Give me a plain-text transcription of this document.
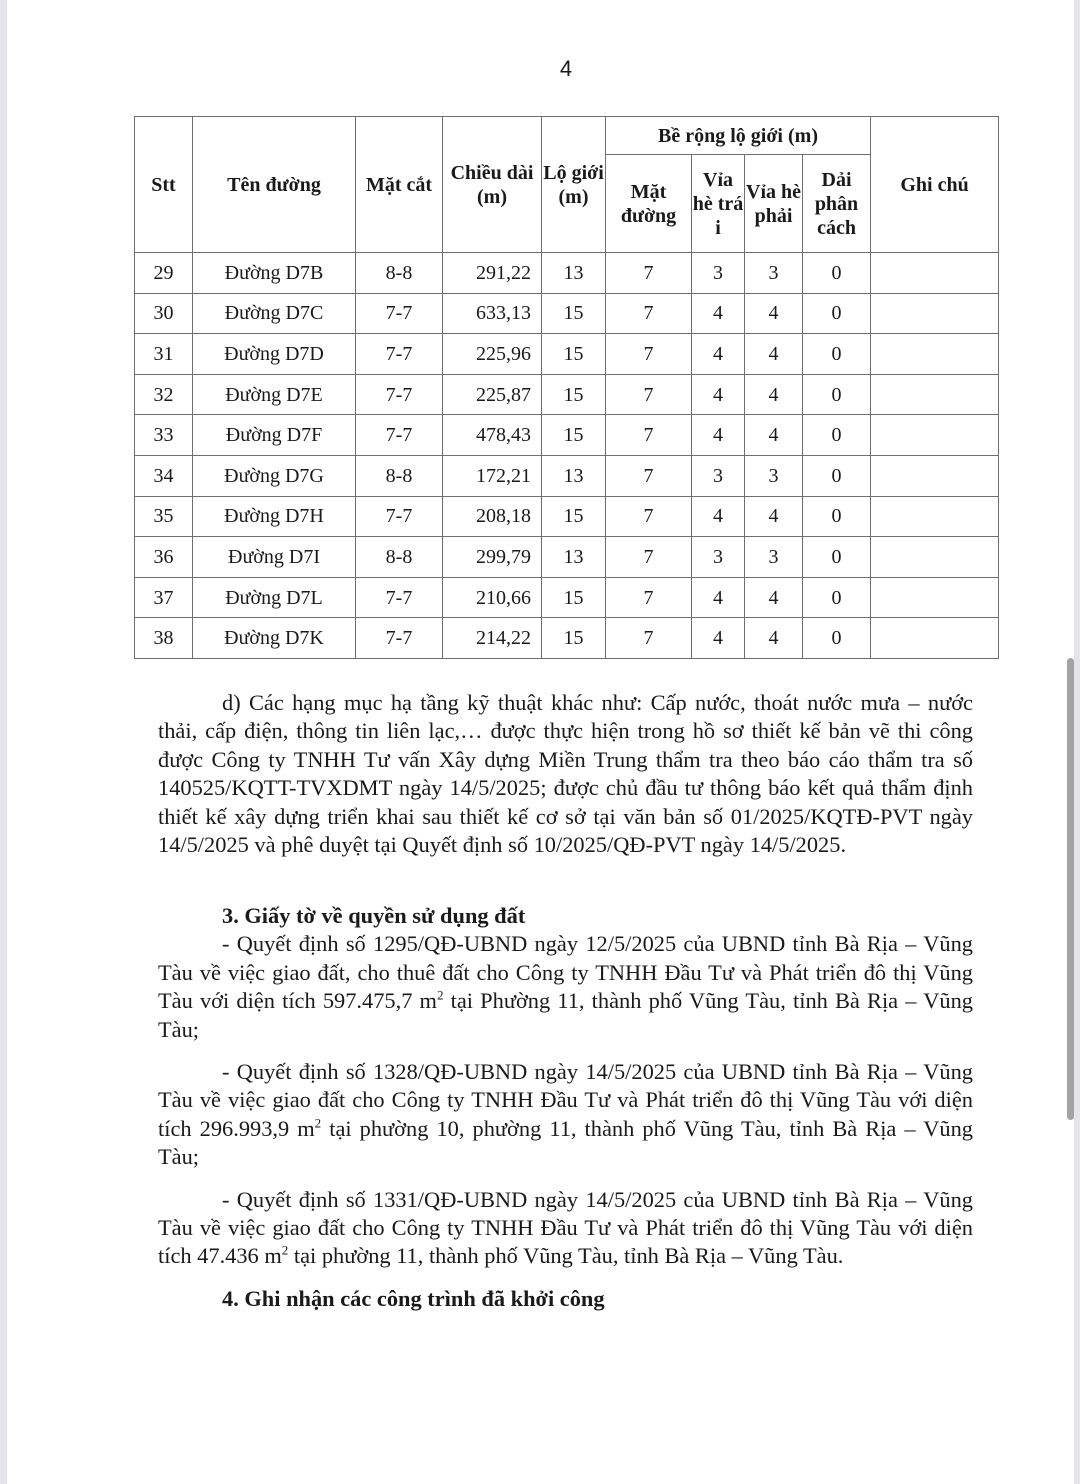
4
Stt	Tên đường	Mặt cắt	Chiều dài (m)	Lộ giới (m)	Bề rộng lộ giới (m)				Ghi chú
					Mặt đường	Vỉa hè trá i	Vỉa hè phải	Dải phân cách	
29	Đường D7B	8-8	291,22	13	7	3	3	0	
30	Đường D7C	7-7	633,13	15	7	4	4	0	
31	Đường D7D	7-7	225,96	15	7	4	4	0	
32	Đường D7E	7-7	225,87	15	7	4	4	0	
33	Đường D7F	7-7	478,43	15	7	4	4	0	
34	Đường D7G	8-8	172,21	13	7	3	3	0	
35	Đường D7H	7-7	208,18	15	7	4	4	0	
36	Đường D7I	8-8	299,79	13	7	3	3	0	
37	Đường D7L	7-7	210,66	15	7	4	4	0	
38	Đường D7K	7-7	214,22	15	7	4	4	0	

d) Các hạng mục hạ tầng kỹ thuật khác như: Cấp nước, thoát nước mưa – nước thải, cấp điện, thông tin liên lạc,… được thực hiện trong hồ sơ thiết kế bản vẽ thi công được Công ty TNHH Tư vấn Xây dựng Miền Trung thẩm tra theo báo cáo thẩm tra số 140525/KQTT-TVXDMT ngày 14/5/2025; được chủ đầu tư thông báo kết quả thẩm định thiết kế xây dựng triển khai sau thiết kế cơ sở tại văn bản số 01/2025/KQTĐ-PVT ngày 14/5/2025 và phê duyệt tại Quyết định số 10/2025/QĐ-PVT ngày 14/5/2025.

3. Giấy tờ về quyền sử dụng đất

- Quyết định số 1295/QĐ-UBND ngày 12/5/2025 của UBND tỉnh Bà Rịa – Vũng Tàu về việc giao đất, cho thuê đất cho Công ty TNHH Đầu Tư và Phát triển đô thị Vũng Tàu với diện tích 597.475,7 $m^2$ tại Phường 11, thành phố Vũng Tàu, tỉnh Bà Rịa – Vũng Tàu;

- Quyết định số 1328/QĐ-UBND ngày 14/5/2025 của UBND tỉnh Bà Rịa – Vũng Tàu về việc giao đất cho Công ty TNHH Đầu Tư và Phát triển đô thị Vũng Tàu với diện tích 296.993,9 $m^2$ tại phường 10, phường 11, thành phố Vũng Tàu, tỉnh Bà Rịa – Vũng Tàu;

- Quyết định số 1331/QĐ-UBND ngày 14/5/2025 của UBND tỉnh Bà Rịa – Vũng Tàu về việc giao đất cho Công ty TNHH Đầu Tư và Phát triển đô thị Vũng Tàu với diện tích 47.436 $m^2$ tại phường 11, thành phố Vũng Tàu, tỉnh Bà Rịa – Vũng Tàu.

4. Ghi nhận các công trình đã khởi công
